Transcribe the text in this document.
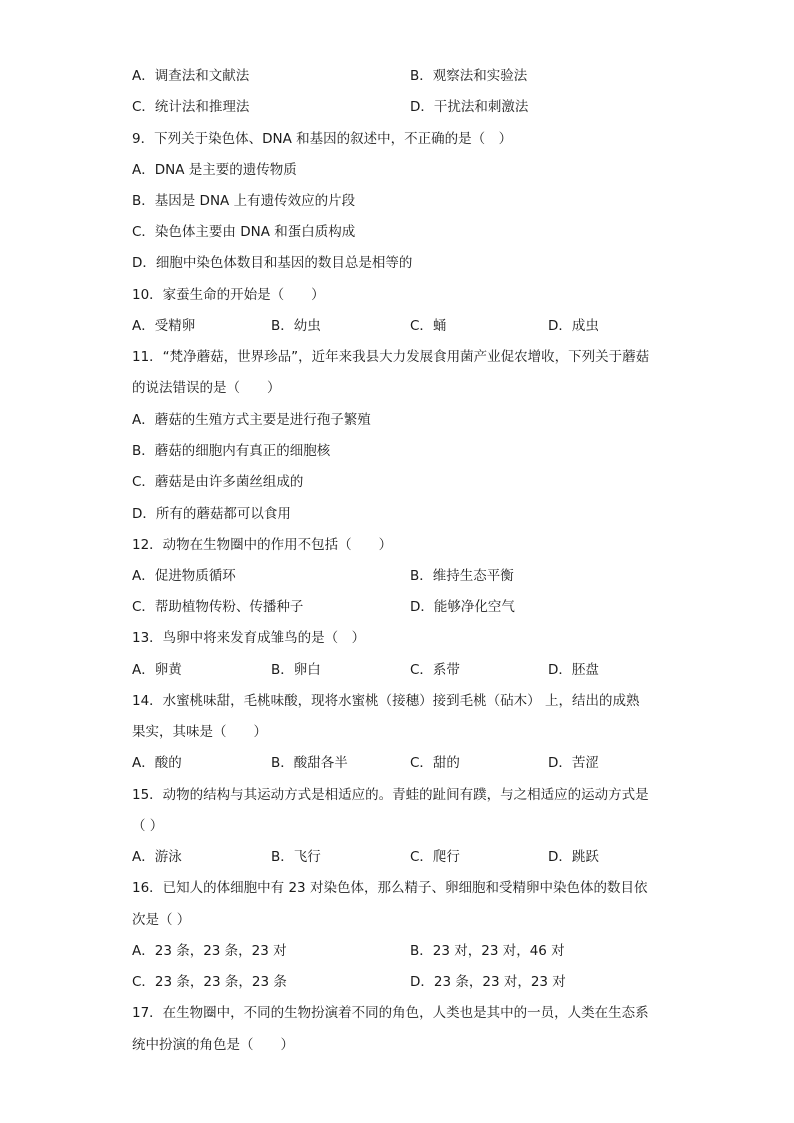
A．调查法和文献法	B．观察法和实验法
C．统计法和推理法	D．干扰法和刺激法
9．下列关于染色体、DNA 和基因的叙述中，不正确的是（　）
A．DNA 是主要的遗传物质
B．基因是 DNA 上有遗传效应的片段
C．染色体主要由 DNA 和蛋白质构成
D．细胞中染色体数目和基因的数目总是相等的
10．家蚕生命的开始是（　　）
A．受精卵	B．幼虫	C．蛹	D．成虫
11．“梵净蘑菇，世界珍品”，近年来我县大力发展食用菌产业促农增收，下列关于蘑菇
的说法错误的是（　　）
A．蘑菇的生殖方式主要是进行孢子繁殖
B．蘑菇的细胞内有真正的细胞核
C．蘑菇是由许多菌丝组成的
D．所有的蘑菇都可以食用
12．动物在生物圈中的作用不包括（　　）
A．促进物质循环	B．维持生态平衡
C．帮助植物传粉、传播种子	D．能够净化空气
13．鸟卵中将来发育成雏鸟的是（　）
A．卵黄	B．卵白	C．系带	D．胚盘
14．水蜜桃味甜，毛桃味酸，现将水蜜桃（接穗）接到毛桃（砧木） 上，结出的成熟
果实，其味是（　　）
A．酸的	B．酸甜各半	C．甜的	D．苦涩
15．动物的结构与其运动方式是相适应的。青蛙的趾间有蹼，与之相适应的运动方式是
（ ）
A．游泳	B．飞行	C．爬行	D．跳跃
16．已知人的体细胞中有 23 对染色体，那么精子、卵细胞和受精卵中染色体的数目依
次是（ ）
A．23 条，23 条，23 对	B．23 对，23 对，46 对
C．23 条，23 条，23 条	D．23 条，23 对，23 对
17．在生物圈中，不同的生物扮演着不同的角色，人类也是其中的一员，人类在生态系
统中扮演的角色是（　　）
